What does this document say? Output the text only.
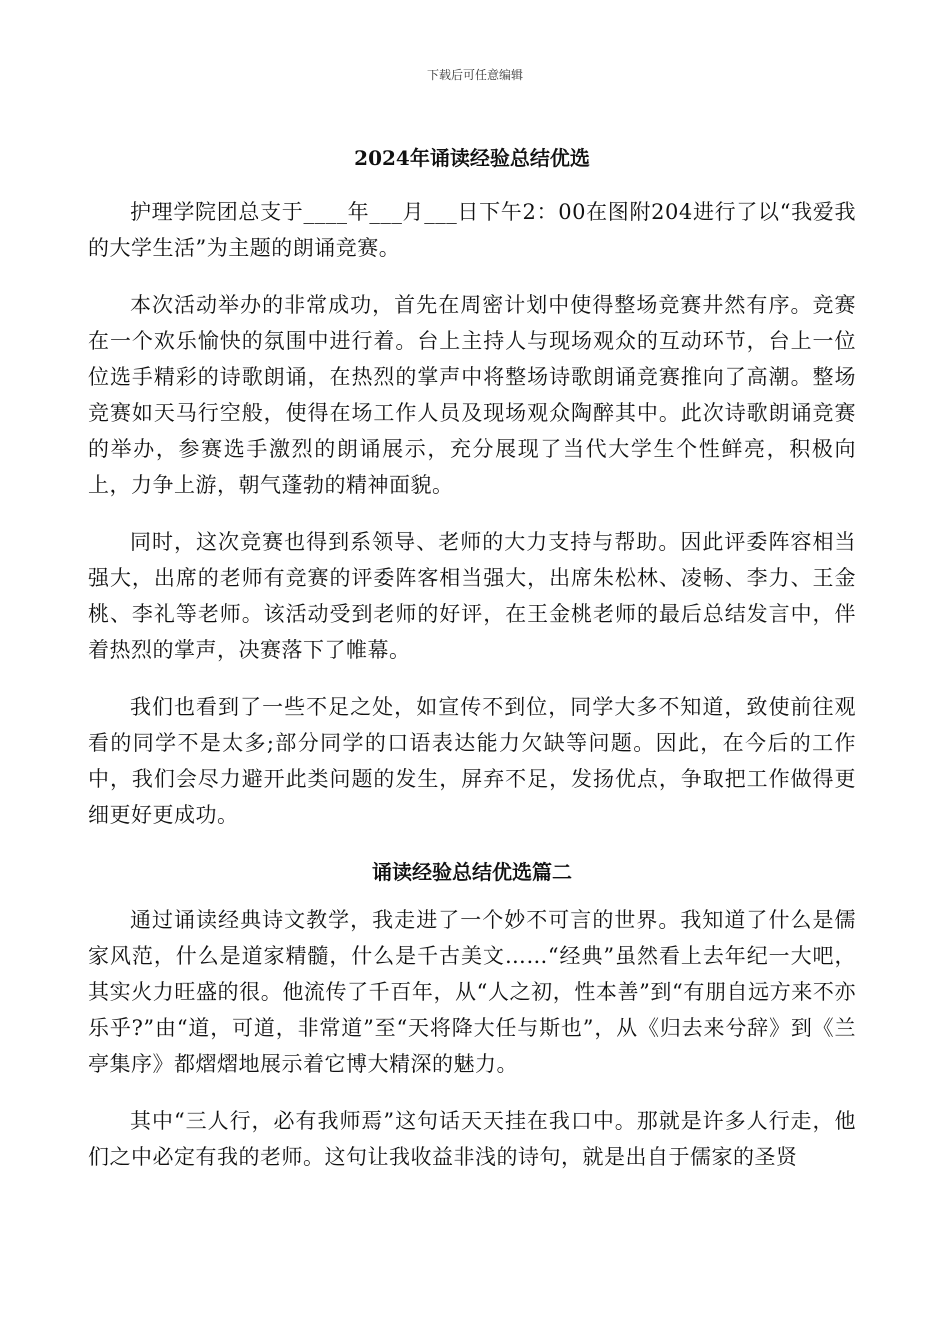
下载后可任意编辑
2024年诵读经验总结优选

护理学院团总支于____年___月___日下午2：00在图附204进行了以“我爱我的大学生活”为主题的朗诵竞赛。

本次活动举办的非常成功，首先在周密计划中使得整场竞赛井然有序。竞赛在一个欢乐愉快的氛围中进行着。台上主持人与现场观众的互动环节，台上一位位选手精彩的诗歌朗诵，在热烈的掌声中将整场诗歌朗诵竞赛推向了高潮。整场竞赛如天马行空般，使得在场工作人员及现场观众陶醉其中。此次诗歌朗诵竞赛的举办，参赛选手激烈的朗诵展示，充分展现了当代大学生个性鲜亮，积极向上，力争上游，朝气蓬勃的精神面貌。

同时，这次竞赛也得到系领导、老师的大力支持与帮助。因此评委阵容相当强大，出席的老师有竞赛的评委阵客相当强大，出席朱松林、凌畅、李力、王金桃、李礼等老师。该活动受到老师的好评，在王金桃老师的最后总结发言中，伴着热烈的掌声，决赛落下了帷幕。

我们也看到了一些不足之处，如宣传不到位，同学大多不知道，致使前往观看的同学不是太多;部分同学的口语表达能力欠缺等问题。因此，在今后的工作中，我们会尽力避开此类问题的发生，屏弃不足，发扬优点，争取把工作做得更细更好更成功。

诵读经验总结优选篇二

通过诵读经典诗文教学，我走进了一个妙不可言的世界。我知道了什么是儒家风范，什么是道家精髓，什么是千古美文……“经典”虽然看上去年纪一大吧，其实火力旺盛的很。他流传了千百年，从“人之初，性本善”到“有朋自远方来不亦乐乎?”由“道，可道，非常道”至“天将降大任与斯也”，从《归去来兮辞》到《兰亭集序》都熠熠地展示着它博大精深的魅力。

其中“三人行，必有我师焉”这句话天天挂在我口中。那就是许多人行走，他们之中必定有我的老师。这句让我收益非浅的诗句，就是出自于儒家的圣贤
